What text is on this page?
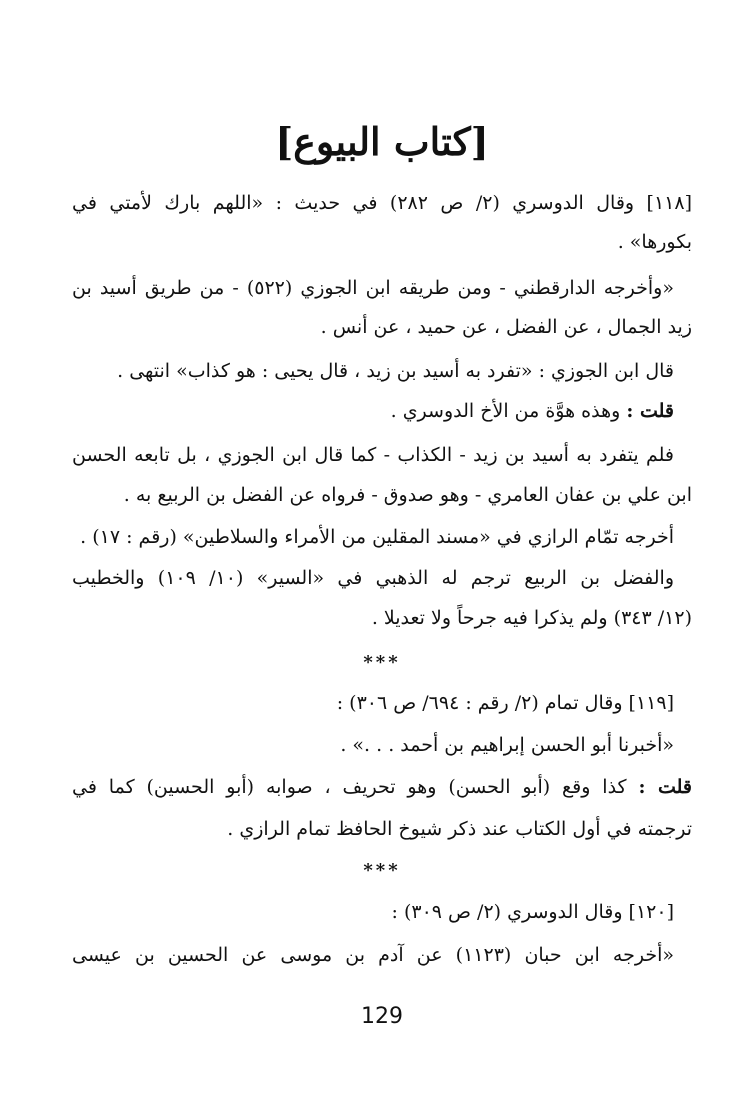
[كتاب البيوع]
[١١٨] وقال الدوسري (٢/ ص ٢٨٢) في حديث : «اللهم بارك لأمتي في
بكورها» .
«وأخرجه الدارقطني - ومن طريقه ابن الجوزي (٥٢٢) - من طريق أسيد بن
زيد الجمال ، عن الفضل ، عن حميد ، عن أنس .
قال ابن الجوزي : «تفرد به أسيد بن زيد ، قال يحيى : هو كذاب» انتهى .
قلت : وهذه هوَّة من الأخ الدوسري .
فلم يتفرد به أسيد بن زيد - الكذاب - كما قال ابن الجوزي ، بل تابعه الحسن
ابن علي بن عفان العامري - وهو صدوق - فرواه عن الفضل بن الربيع به .
أخرجه تمّام الرازي في «مسند المقلين من الأمراء والسلاطين» (رقم : ١٧) .
والفضل بن الربيع ترجم له الذهبي في «السير» (١٠/ ١٠٩) والخطيب
(١٢/ ٣٤٣) ولم يذكرا فيه جرحاً ولا تعديلا .
***
[١١٩] وقال تمام (٢/ رقم : ٦٩٤/ ص ٣٠٦) :
«أخبرنا أبو الحسن إبراهيم بن أحمد . . .» .
قلت : كذا وقع (أبو الحسن) وهو تحريف ، صوابه (أبو الحسين) كما في
ترجمته في أول الكتاب عند ذكر شيوخ الحافظ تمام الرازي .
***
[١٢٠] وقال الدوسري (٢/ ص ٣٠٩) :
«أخرجه ابن حبان (١١٢٣) عن آدم بن موسى عن الحسين بن عيسى
129
